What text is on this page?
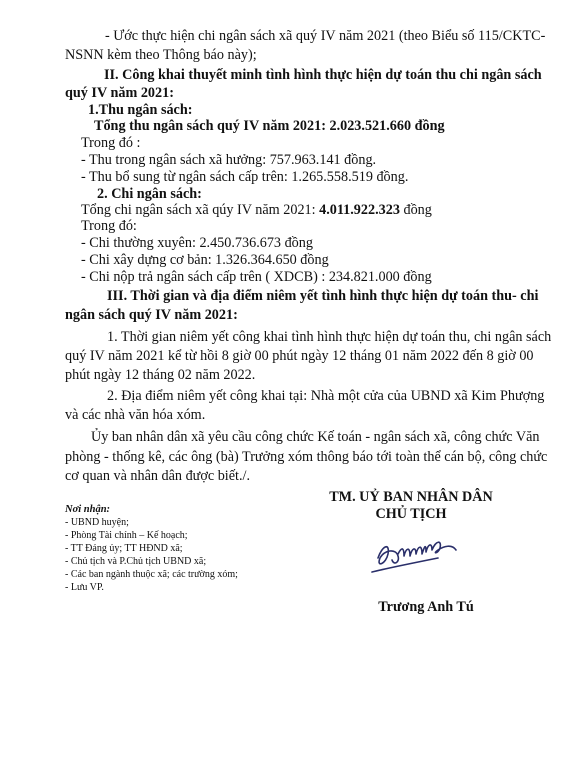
- Ước thực hiện chi ngân sách xã quý IV năm 2021 (theo Biểu số 115/CKTC-
NSNN kèm theo Thông báo này);
II. Công khai thuyết minh tình hình thực hiện dự toán thu chi ngân sách
quý IV năm 2021:
1.Thu ngân sách:
Tổng thu ngân sách quý IV năm 2021: 2.023.521.660 đồng
Trong đó :
- Thu trong ngân sách xã hưởng: 757.963.141 đồng.
- Thu bổ sung từ ngân sách cấp trên: 1.265.558.519 đồng.
2. Chi ngân sách:
Tổng chi ngân sách xã qúy IV năm 2021: 4.011.922.323 đồng
Trong đó:
- Chi thường xuyên: 2.450.736.673 đồng
- Chi xây dựng cơ bản: 1.326.364.650 đồng
- Chi nộp trả ngân sách cấp trên ( XDCB) : 234.821.000 đồng
III. Thời gian và địa điểm niêm yết tình hình thực hiện dự toán thu- chi
ngân sách quý IV năm 2021:
1. Thời gian niêm yết công khai tình hình thực hiện dự toán thu, chi ngân sách
quý IV năm 2021 kể từ hồi 8 giờ 00 phút ngày 12 tháng 01 năm 2022 đến 8 giờ 00
phút ngày 12 tháng 02 năm 2022.
2. Địa điểm niêm yết công khai tại: Nhà một cửa của UBND xã Kim Phượng
và các nhà văn hóa xóm.
Ủy ban nhân dân xã yêu cầu công chức Kế toán - ngân sách xã, công chức Văn
phòng - thống kê, các ông (bà) Trưởng xóm thông báo tới toàn thể cán bộ, công chức
cơ quan và nhân dân được biết./.
Nơi nhận:
- UBND huyện;
- Phòng Tài chính – Kế hoạch;
- TT Đảng ủy; TT HĐND xã;
- Chủ tịch và P.Chủ tịch UBND xã;
- Các ban ngành thuộc xã; các trường xóm;
- Lưu VP.
TM. UỶ BAN NHÂN DÂN
CHỦ TỊCH
Trương Anh Tú
